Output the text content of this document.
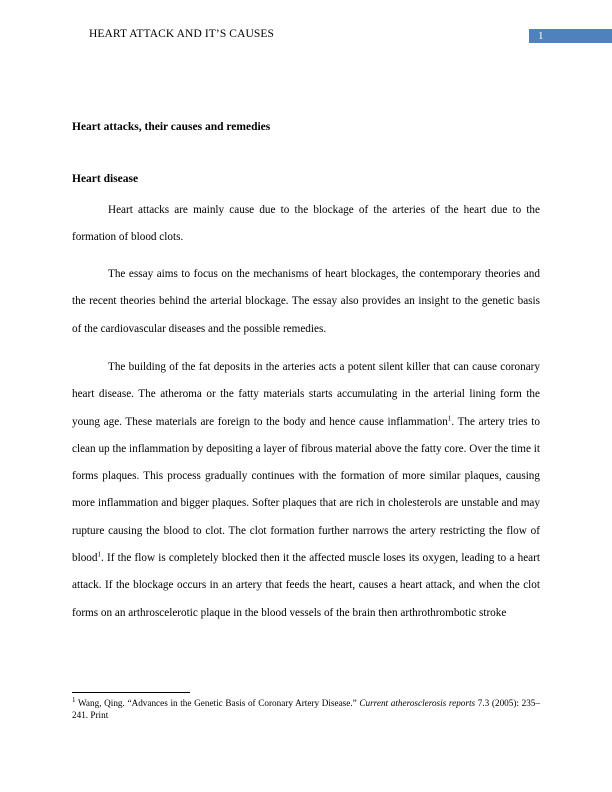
HEART ATTACK AND IT’S CAUSES	1
Heart attacks, their causes and remedies
Heart disease

Heart attacks are mainly cause due to the blockage of the arteries of the heart due to the formation of blood clots.

The essay aims to focus on the mechanisms of heart blockages, the contemporary theories and the recent theories behind the arterial blockage. The essay also provides an insight to the genetic basis of the cardiovascular diseases and the possible remedies.

The building of the fat deposits in the arteries acts a potent silent killer that can cause coronary heart disease. The atheroma or the fatty materials starts accumulating in the arterial lining form the young age. These materials are foreign to the body and hence cause inflammation$^1$. The artery tries to clean up the inflammation by depositing a layer of fibrous material above the fatty core. Over the time it forms plaques. This process gradually continues with the formation of more similar plaques, causing more inflammation and bigger plaques. Softer plaques that are rich in cholesterols are unstable and may rupture causing the blood to clot. The clot formation further narrows the artery restricting the flow of blood$^1$. If the flow is completely blocked then it the affected muscle loses its oxygen, leading to a heart attack. If the blockage occurs in an artery that feeds the heart, causes a heart attack, and when the clot forms on an arthroscelerotic plaque in the blood vessels of the brain then arthrothrombotic stroke

$^1$ Wang, Qing. “Advances in the Genetic Basis of Coronary Artery Disease.” Current atherosclerosis reports 7.3 (2005): 235–241. Print
